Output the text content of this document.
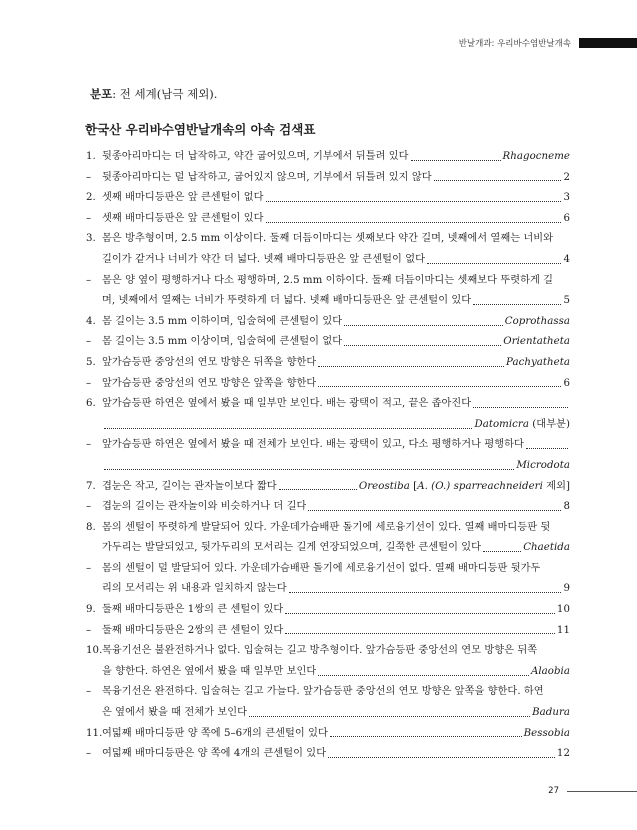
반날개과: 우리바수염반날개속
분포: 전 세계(남극 제외).
한국산 우리바수염반날개속의 아속 검색표
1. 뒷종아리마디는 더 납작하고, 약간 굽어있으며, 기부에서 뒤틀려 있다	Rhagocneme
–	뒷종아리마디는 덜 납작하고, 굽어있지 않으며, 기부에서 뒤틀려 있지 않다	2
2. 셋째 배마디등판은 앞 큰센털이 없다	3
–	셋째 배마디등판은 앞 큰센털이 있다	6
3. 몸은 방추형이며, 2.5 mm 이상이다. 둘째 더듬이마디는 셋째보다 약간 길며, 넷째에서 열째는 너비와
길이가 같거나 너비가 약간 더 넓다. 넷째 배마디등판은 앞 큰센털이 없다	4
–	몸은 양 옆이 평행하거나 다소 평행하며, 2.5 mm 이하이다. 둘째 더듬이마디는 셋째보다 뚜렷하게 길
며, 넷째에서 열째는 너비가 뚜렷하게 더 넓다. 넷째 배마디등판은 앞 큰센털이 있다	5
4. 몸 길이는 3.5 mm 이하이며, 입술혀에 큰센털이 있다	Coprothassa
–	몸 길이는 3.5 mm 이상이며, 입술혀에 큰센털이 없다	Orientatheta
5. 앞가슴등판 중앙선의 연모 방향은 뒤쪽을 향한다	Pachyatheta
–	앞가슴등판 중앙선의 연모 방향은 앞쪽을 향한다	6
6. 앞가슴등판 하연은 옆에서 봤을 때 일부만 보인다. 배는 광택이 적고, 끝은 좁아진다
Datomicra (대부분)
–	앞가슴등판 하연은 옆에서 봤을 때 전체가 보인다. 배는 광택이 있고, 다소 평행하거나 평행하다
Microdota
7. 겹눈은 작고, 길이는 관자놀이보다 짧다	Oreostiba [A. (O.) sparreachneideri 제외]
–	겹눈의 길이는 관자놀이와 비슷하거나 더 길다	8
8. 몸의 센털이 뚜렷하게 발달되어 있다. 가운데가슴배판 돌기에 세로융기선이 있다. 열째 배마디등판 뒷
가두리는 발달되었고, 뒷가두리의 모서리는 길게 연장되었으며, 길쭉한 큰센털이 있다	Chaetida
–	몸의 센털이 덜 발달되어 있다. 가운데가슴배판 돌기에 세로융기선이 없다. 열째 배마디등판 뒷가두
리의 모서리는 위 내용과 일치하지 않는다	9
9. 둘째 배마디등판은 1쌍의 큰 센털이 있다	10
–	둘째 배마디등판은 2쌍의 큰 센털이 있다	11
10. 목융기선은 불완전하거나 없다. 입술혀는 길고 방추형이다. 앞가슴등판 중앙선의 연모 방향은 뒤쪽
을 향한다. 하연은 옆에서 봤을 때 일부만 보인다	Alaobia
–	목융기선은 완전하다. 입술혀는 길고 가늘다. 앞가슴등판 중앙선의 연모 방향은 앞쪽을 향한다. 하연
은 옆에서 봤을 때 전체가 보인다	Badura
11. 여덟째 배마디등판 양 쪽에 5–6개의 큰센털이 있다	Bessobia
–	여덟째 배마디등판은 양 쪽에 4개의 큰센털이 있다	12
27
